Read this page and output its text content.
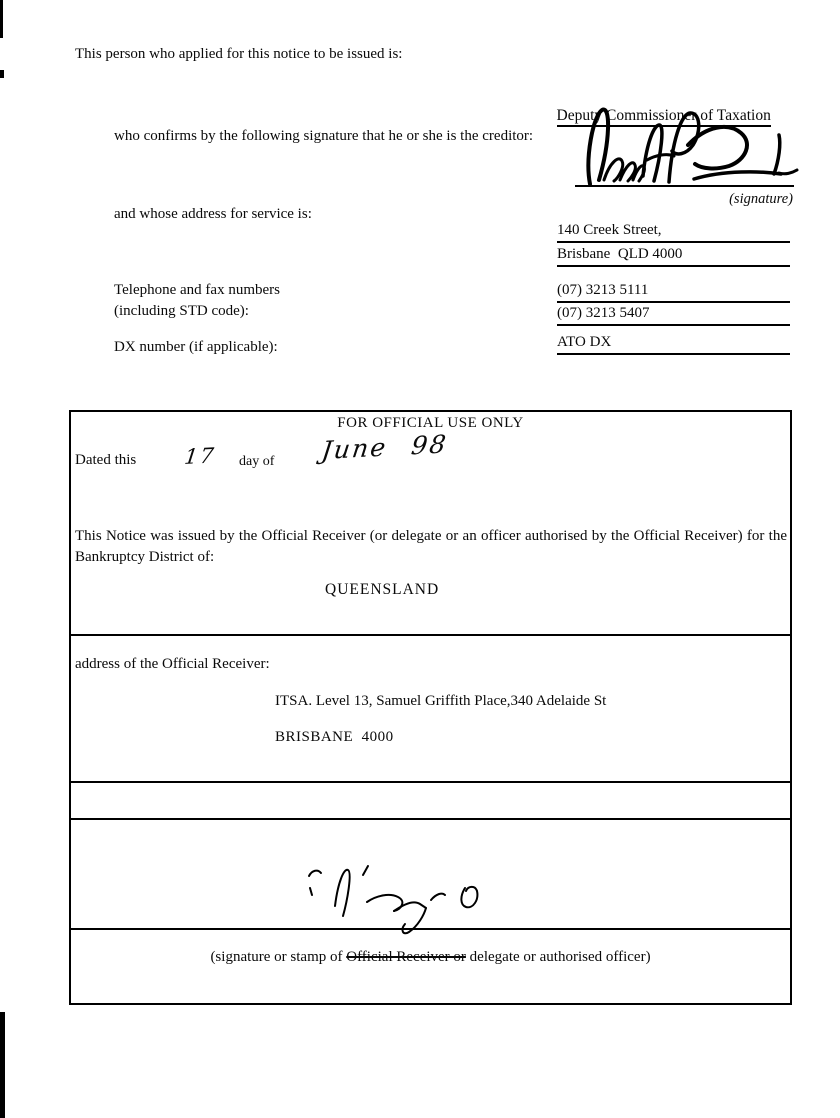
This person who applied for this notice to be issued is:

Deputy Commissioner of Taxation

who confirms by the following signature that he or she is the creditor:
(signature)
and whose address for service is:
140 Creek Street,
Brisbane  QLD 4000
Telephone and fax numbers
(including STD code):
(07) 3213 5111
(07) 3213 5407
DX number (if applicable):	ATO DX
FOR OFFICIAL USE ONLY
Dated this 17 day of June 98
This Notice was issued by the Official Receiver (or delegate or an officer authorised by the Official Receiver) for the Bankruptcy District of:
QUEENSLAND
address of the Official Receiver:
ITSA. Level 13, Samuel Griffith Place,340 Adelaide St
BRISBANE  4000
(signature or stamp of Official Receiver or delegate or authorised officer)
